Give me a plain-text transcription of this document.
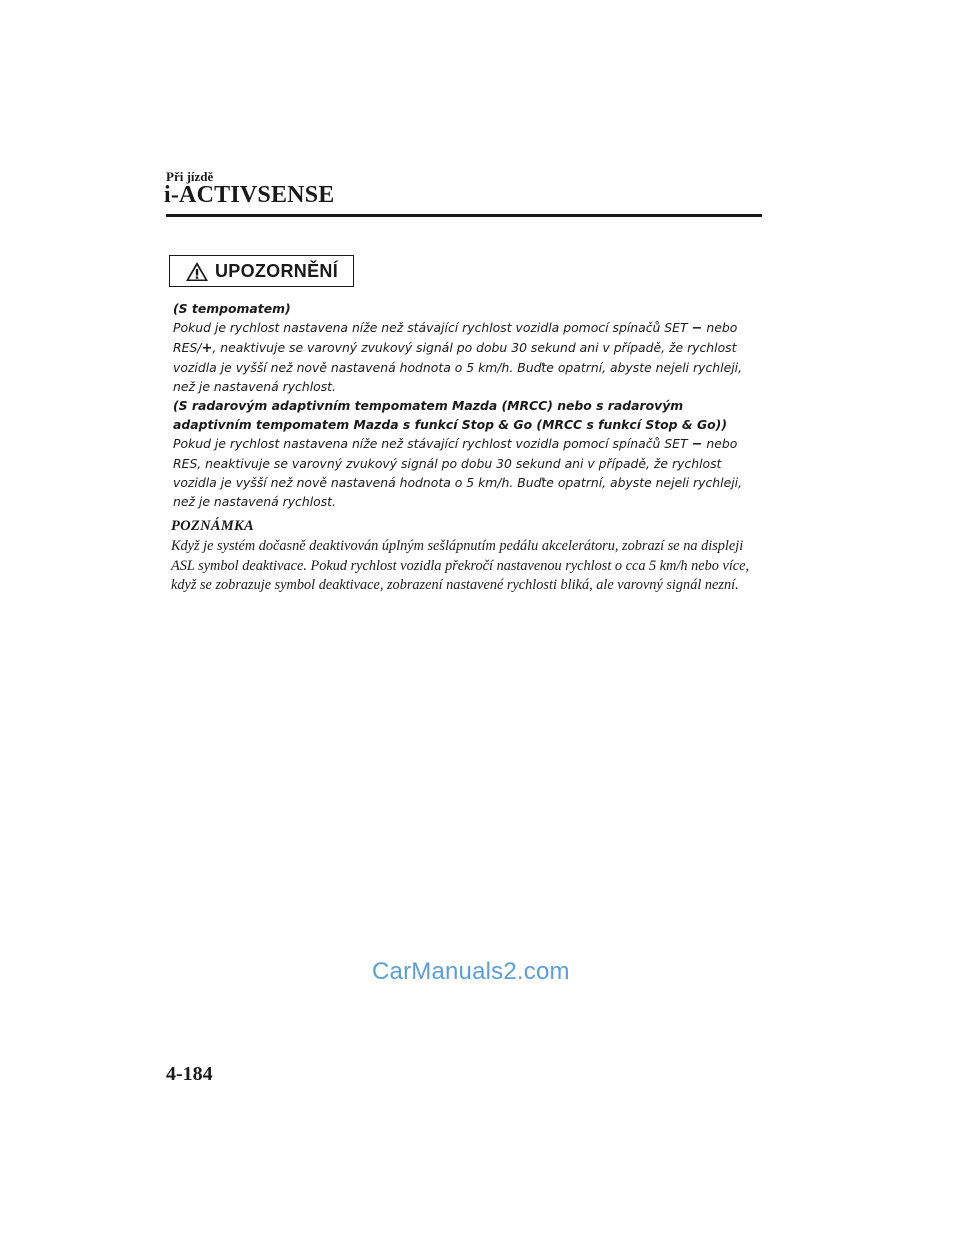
Při jízdě
i-ACTIVSENSE
UPOZORNĚNÍ

(S tempomatem)

Pokud je rychlost nastavena níže než stávající rychlost vozidla pomocí spínačů SET − nebo RES/+, neaktivuje se varovný zvukový signál po dobu 30 sekund ani v případě, že rychlost vozidla je vyšší než nově nastavená hodnota o 5 km/h. Buďte opatrní, abyste nejeli rychleji, než je nastavená rychlost.

(S radarovým adaptivním tempomatem Mazda (MRCC) nebo s radarovým adaptivním tempomatem Mazda s funkcí Stop & Go (MRCC s funkcí Stop & Go))

Pokud je rychlost nastavena níže než stávající rychlost vozidla pomocí spínačů SET − nebo RES, neaktivuje se varovný zvukový signál po dobu 30 sekund ani v případě, že rychlost vozidla je vyšší než nově nastavená hodnota o 5 km/h. Buďte opatrní, abyste nejeli rychleji, než je nastavená rychlost.

POZNÁMKA

Když je systém dočasně deaktivován úplným sešlápnutím pedálu akcelerátoru, zobrazí se na displeji ASL symbol deaktivace. Pokud rychlost vozidla překročí nastavenou rychlost o cca 5 km/h nebo více, když se zobrazuje symbol deaktivace, zobrazení nastavené rychlosti bliká, ale varovný signál nezní.

CarManuals2.com
4-184
